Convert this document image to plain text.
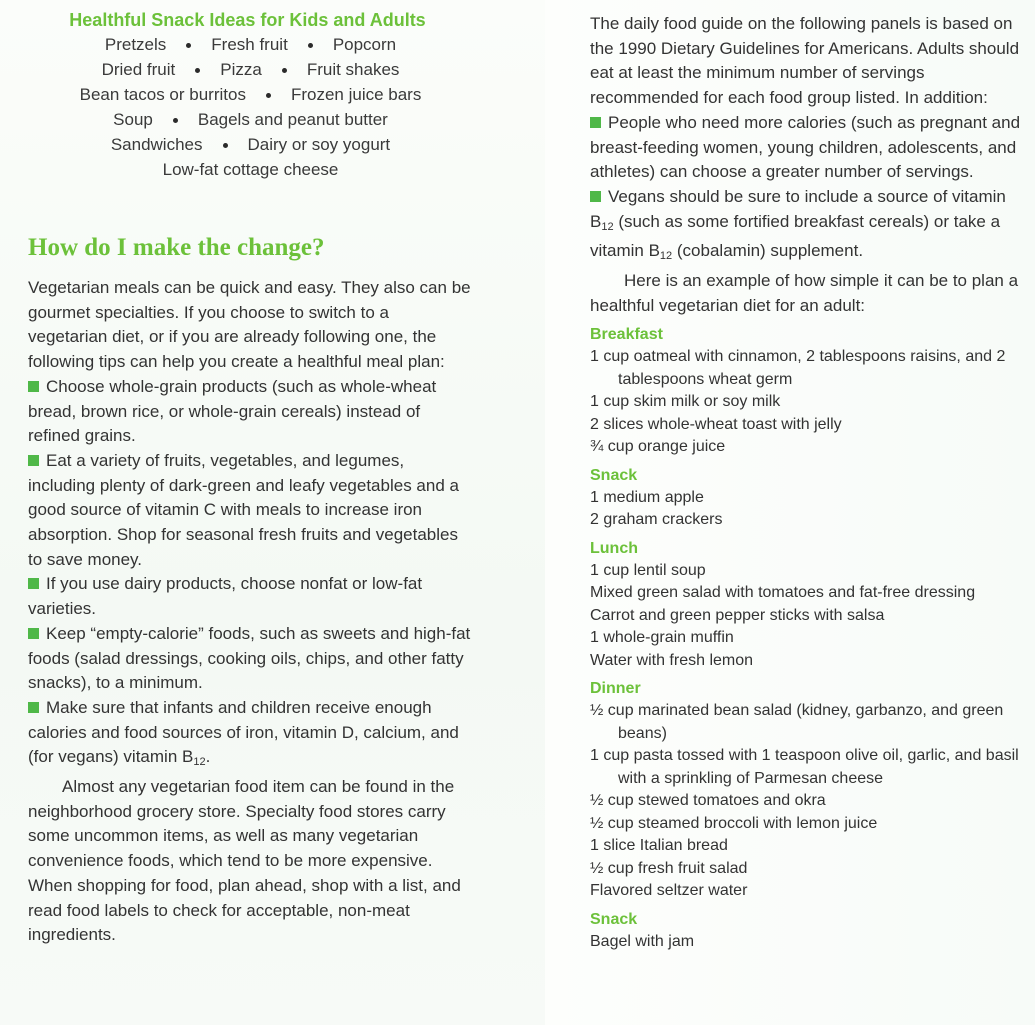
Healthful Snack Ideas for Kids and Adults
Pretzels	Fresh fruit	Popcorn
Dried fruit	Pizza	Fruit shakes
Bean tacos or burritos	Frozen juice bars
Soup	Bagels and peanut butter
Sandwiches	Dairy or soy yogurt
Low-fat cottage cheese
How do I make the change?

Vegetarian meals can be quick and easy. They also can be gourmet specialties. If you choose to switch to a vegetarian diet, or if you are already following one, the following tips can help you create a healthful meal plan:

Choose whole-grain products (such as whole-wheat bread, brown rice, or whole-grain cereals) instead of refined grains.

Eat a variety of fruits, vegetables, and legumes, including plenty of dark-green and leafy vegetables and a good source of vitamin C with meals to increase iron absorption. Shop for seasonal fresh fruits and vegetables to save money.

If you use dairy products, choose nonfat or low-fat varieties.

Keep “empty-calorie” foods, such as sweets and high-fat foods (salad dressings, cooking oils, chips, and other fatty snacks), to a minimum.

Make sure that infants and children receive enough calories and food sources of iron, vitamin D, calcium, and (for vegans) vitamin $B_{12}$.

Almost any vegetarian food item can be found in the neighborhood grocery store. Specialty food stores carry some uncommon items, as well as many vegetarian convenience foods, which tend to be more expensive. When shopping for food, plan ahead, shop with a list, and read food labels to check for acceptable, non-meat ingredients.

The daily food guide on the following panels is based on the 1990 Dietary Guidelines for Americans. Adults should eat at least the minimum number of servings recommended for each food group listed. In addition:

People who need more calories (such as pregnant and breast-feeding women, young children, adolescents, and athletes) can choose a greater number of servings.

Vegans should be sure to include a source of vitamin $B_{12}$ (such as some fortified breakfast cereals) or take a vitamin $B_{12}$ (cobalamin) supplement.

Here is an example of how simple it can be to plan a healthful vegetarian diet for an adult:

Breakfast
1 cup oatmeal with cinnamon, 2 tablespoons raisins, and 2 tablespoons wheat germ
1 cup skim milk or soy milk
2 slices whole-wheat toast with jelly
¾ cup orange juice
Snack
1 medium apple
2 graham crackers
Lunch
1 cup lentil soup
Mixed green salad with tomatoes and fat-free dressing
Carrot and green pepper sticks with salsa
1 whole-grain muffin
Water with fresh lemon
Dinner
½ cup marinated bean salad (kidney, garbanzo, and green beans)
1 cup pasta tossed with 1 teaspoon olive oil, garlic, and basil with a sprinkling of Parmesan cheese
½ cup stewed tomatoes and okra
½ cup steamed broccoli with lemon juice
1 slice Italian bread
½ cup fresh fruit salad
Flavored seltzer water
Snack
Bagel with jam
